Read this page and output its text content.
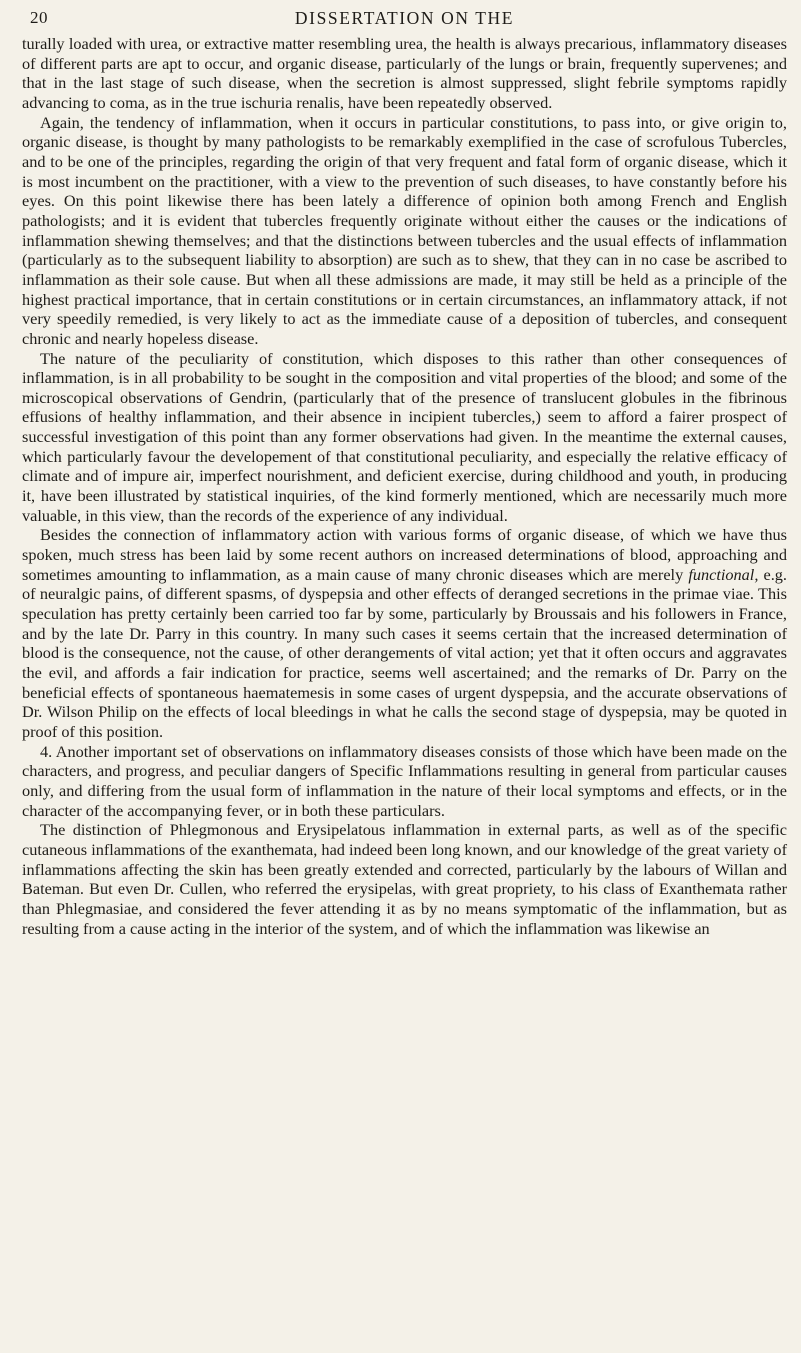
20	DISSERTATION ON THE

turally loaded with urea, or extractive matter resembling urea, the health is always precarious, inflammatory diseases of different parts are apt to occur, and organic disease, particularly of the lungs or brain, frequently supervenes; and that in the last stage of such disease, when the secretion is almost suppressed, slight febrile symptoms rapidly advancing to coma, as in the true ischuria renalis, have been repeatedly observed.

Again, the tendency of inflammation, when it occurs in particular constitutions, to pass into, or give origin to, organic disease, is thought by many pathologists to be remarkably exemplified in the case of scrofulous Tubercles, and to be one of the principles, regarding the origin of that very frequent and fatal form of organic disease, which it is most incumbent on the practitioner, with a view to the prevention of such diseases, to have constantly before his eyes. On this point likewise there has been lately a difference of opinion both among French and English pathologists; and it is evident that tubercles frequently originate without either the causes or the indications of inflammation shewing themselves; and that the distinctions between tubercles and the usual effects of inflammation (particularly as to the subsequent liability to absorption) are such as to shew, that they can in no case be ascribed to inflammation as their sole cause. But when all these admissions are made, it may still be held as a principle of the highest practical importance, that in certain constitutions or in certain circumstances, an inflammatory attack, if not very speedily remedied, is very likely to act as the immediate cause of a deposition of tubercles, and consequent chronic and nearly hopeless disease.

The nature of the peculiarity of constitution, which disposes to this rather than other consequences of inflammation, is in all probability to be sought in the composition and vital properties of the blood; and some of the microscopical observations of Gendrin, (particularly that of the presence of translucent globules in the fibrinous effusions of healthy inflammation, and their absence in incipient tubercles,) seem to afford a fairer prospect of successful investigation of this point than any former observations had given. In the meantime the external causes, which particularly favour the developement of that constitutional peculiarity, and especially the relative efficacy of climate and of impure air, imperfect nourishment, and deficient exercise, during childhood and youth, in producing it, have been illustrated by statistical inquiries, of the kind formerly mentioned, which are necessarily much more valuable, in this view, than the records of the experience of any individual.

Besides the connection of inflammatory action with various forms of organic disease, of which we have thus spoken, much stress has been laid by some recent authors on increased determinations of blood, approaching and sometimes amounting to inflammation, as a main cause of many chronic diseases which are merely functional, e.g. of neuralgic pains, of different spasms, of dyspepsia and other effects of deranged secretions in the primae viae. This speculation has pretty certainly been carried too far by some, particularly by Broussais and his followers in France, and by the late Dr. Parry in this country. In many such cases it seems certain that the increased determination of blood is the consequence, not the cause, of other derangements of vital action; yet that it often occurs and aggravates the evil, and affords a fair indication for practice, seems well ascertained; and the remarks of Dr. Parry on the beneficial effects of spontaneous haematemesis in some cases of urgent dyspepsia, and the accurate observations of Dr. Wilson Philip on the effects of local bleedings in what he calls the second stage of dyspepsia, may be quoted in proof of this position.

4. Another important set of observations on inflammatory diseases consists of those which have been made on the characters, and progress, and peculiar dangers of Specific Inflammations resulting in general from particular causes only, and differing from the usual form of inflammation in the nature of their local symptoms and effects, or in the character of the accompanying fever, or in both these particulars.

The distinction of Phlegmonous and Erysipelatous inflammation in external parts, as well as of the specific cutaneous inflammations of the exanthemata, had indeed been long known, and our knowledge of the great variety of inflammations affecting the skin has been greatly extended and corrected, particularly by the labours of Willan and Bateman. But even Dr. Cullen, who referred the erysipelas, with great propriety, to his class of Exanthemata rather than Phlegmasiae, and considered the fever attending it as by no means symptomatic of the inflammation, but as resulting from a cause acting in the interior of the system, and of which the inflammation was likewise an
